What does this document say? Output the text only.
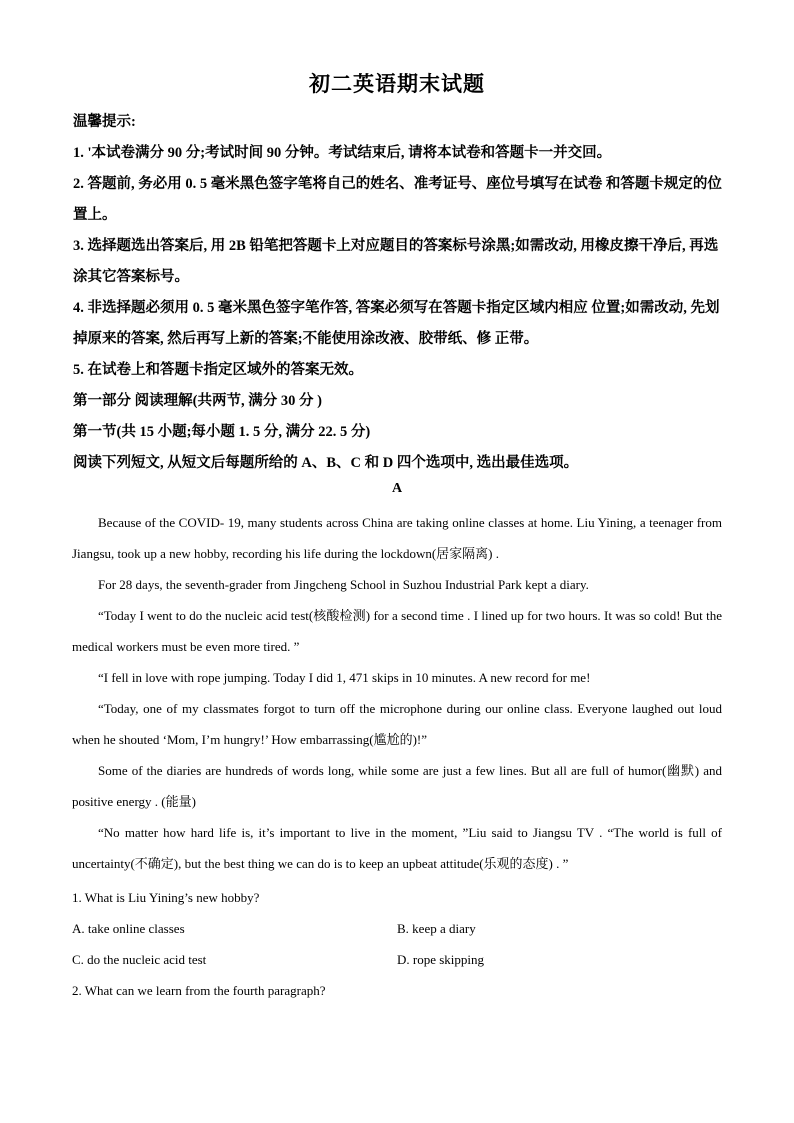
初二英语期末试题

温馨提示:

1. '本试卷满分 90 分;考试时间 90 分钟。考试结束后, 请将本试卷和答题卡一并交回。

2. 答题前, 务必用 0. 5 毫米黑色签字笔将自己的姓名、准考证号、座位号填写在试卷 和答题卡规定的位置上。

3. 选择题选出答案后, 用 2B 铅笔把答题卡上对应题目的答案标号涂黑;如需改动, 用橡皮擦干净后, 再选涂其它答案标号。

4. 非选择题必须用 0. 5 毫米黑色签字笔作答, 答案必须写在答题卡指定区域内相应 位置;如需改动, 先划掉原来的答案, 然后再写上新的答案;不能使用涂改液、胶带纸、修 正带。

5. 在试卷上和答题卡指定区域外的答案无效。

第一部分 阅读理解(共两节, 满分 30 分 )

第一节(共 15 小题;每小题 1. 5 分, 满分 22. 5 分)

阅读下列短文, 从短文后每题所给的 A、B、C 和 D 四个选项中, 选出最佳选项。

A

Because of the COVID- 19, many students across China are taking online classes at home. Liu Yining, a teenager from Jiangsu, took up a new hobby, recording his life during the lockdown(居家隔离) .

For 28 days, the seventh-grader from Jingcheng School in Suzhou Industrial Park kept a diary.

“Today I went to do the nucleic acid test(核酸检测) for a second time . I lined up for two hours. It was so cold! But the medical workers must be even more tired. ”

“I fell in love with rope jumping. Today I did 1, 471 skips in 10 minutes. A new record for me!

“Today, one of my classmates forgot to turn off the microphone during our online class. Everyone laughed out loud when he shouted ‘Mom, I’m hungry!’ How embarrassing(尴尬的)!”

Some of the diaries are hundreds of words long, while some are just a few lines. But all are full of humor(幽默) and positive energy . (能量)

“No matter how hard life is, it’s important to live in the moment, ”Liu said to Jiangsu TV . “The world is full of uncertainty(不确定), but the best thing we can do is to keep an upbeat attitude(乐观的态度) . ”

1. What is Liu Yining’s new hobby?
A. take online classes	B. keep a diary
C. do the nucleic acid test	D. rope skipping
2. What can we learn from the fourth paragraph?
